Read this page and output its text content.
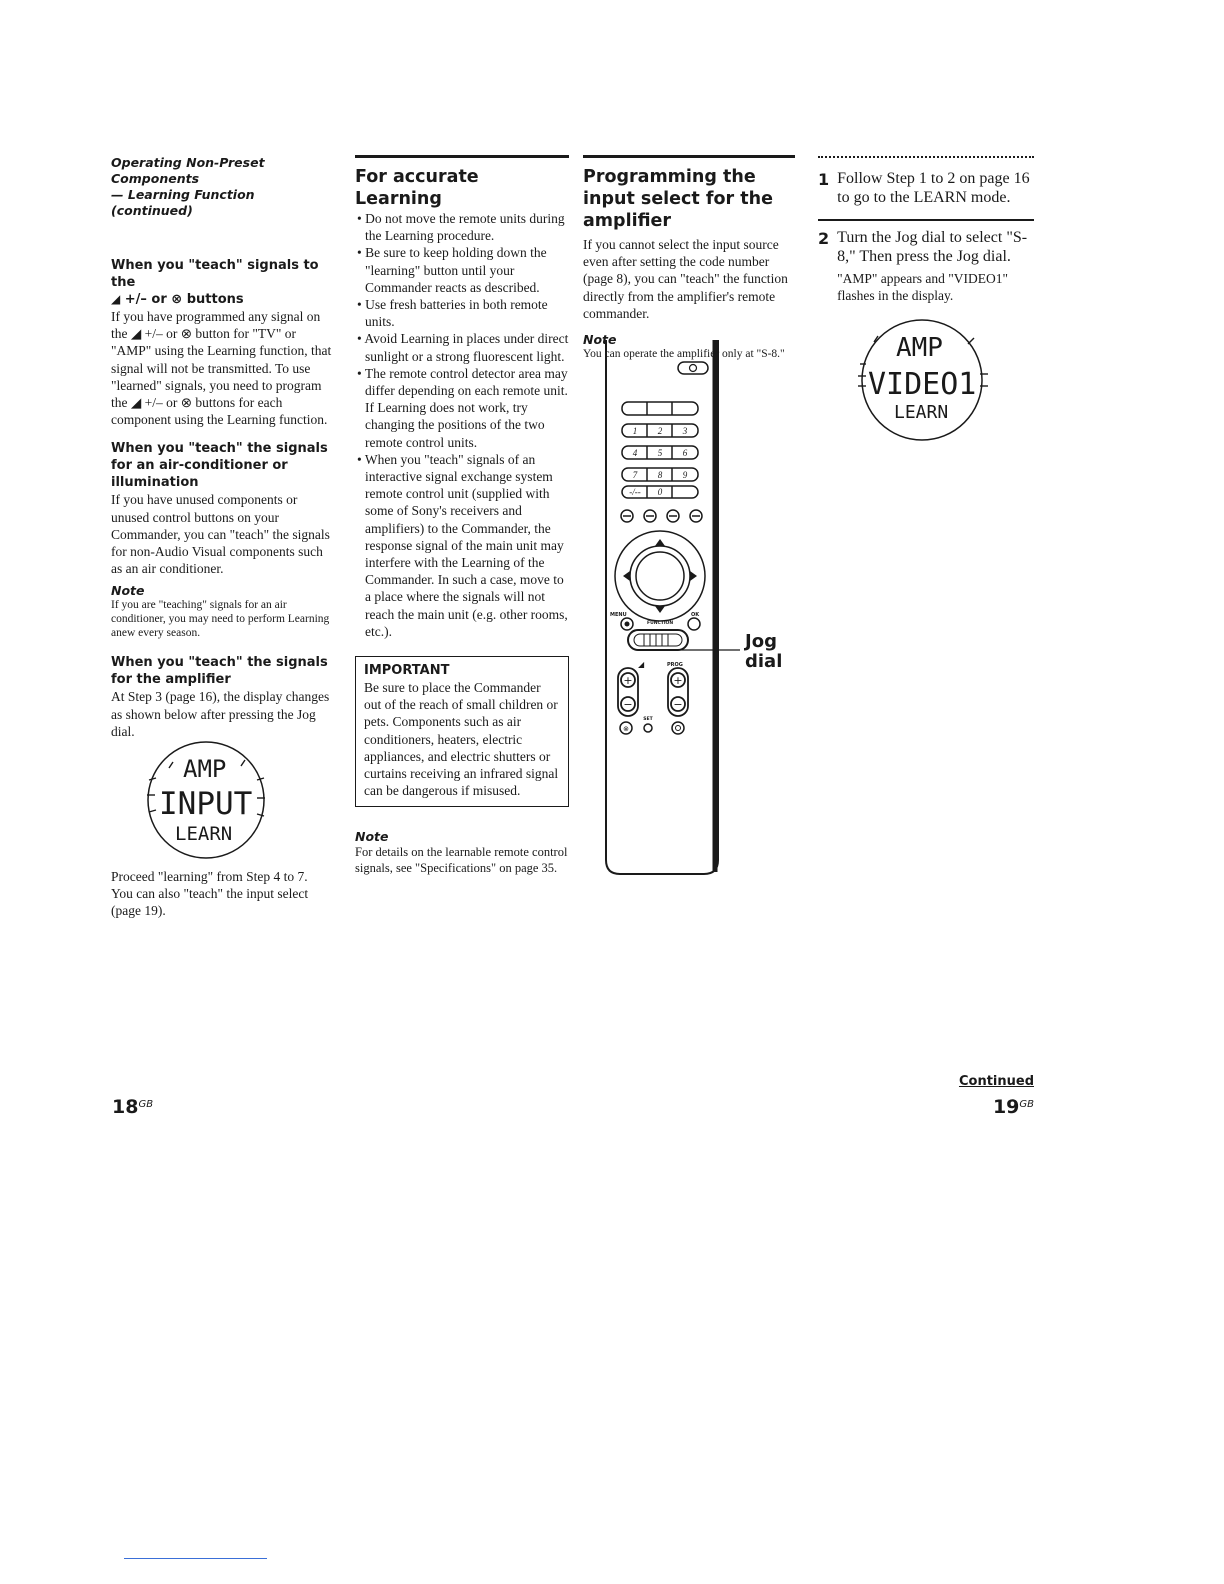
Operating Non-Preset
Components
— Learning Function (continued)
When you "teach" signals to the
◢ +/– or ⊗ buttons

If you have programmed any signal on the ◢ +/– or ⊗ button for "TV" or "AMP" using the Learning function, that signal will not be transmitted. To use "learned" signals, you need to program the ◢ +/– or ⊗ buttons for each component using the Learning function.

When you "teach" the signals for an air-conditioner or illumination

If you have unused components or unused control buttons on your Commander, you can "teach" the signals for non-Audio Visual components such as an air conditioner.

Note

If you are "teaching" signals for an air conditioner, you may need to perform Learning anew every season.

When you "teach" the signals for the amplifier

At Step 3 (page 16), the display changes as shown below after pressing the Jog dial.

AMP
INPUT
LEARN

Proceed "learning" from Step 4 to 7.

You can also "teach" the input select (page 19).

For accurate Learning
• Do not move the remote units during the Learning procedure.
• Be sure to keep holding down the "learning" button until your Commander reacts as described.
• Use fresh batteries in both remote units.
• Avoid Learning in places under direct sunlight or a strong fluorescent light.
• The remote control detector area may differ depending on each remote unit. If Learning does not work, try changing the positions of the two remote control units.
• When you "teach" signals of an interactive signal exchange system remote control unit (supplied with some of Sony's receivers and amplifiers) to the Commander, the response signal of the main unit may interfere with the Learning of the Commander. In such a case, move to a place where the signals will not reach the main unit (e.g. other rooms, etc.).

IMPORTANT

Be sure to place the Commander out of the reach of small children or pets. Components such as air conditioners, heaters, electric appliances, and electric shutters or curtains receiving an infrared signal can be dangerous if misused.

Note

For details on the learnable remote control signals, see "Specifications" on page 35.

Programming the input select for the amplifier

If you cannot select the input source even after setting the code number (page 8), you can "teach" the function directly from the amplifier's remote commander.

Note

You can operate the amplifier only at "S-8."

1 2 3
4 5 6
7 8 9
-/-- 0
MENU	OK
FUNCTION
◢	PROG
+
−
+
−
⊗
SET
Jog dial
1 Follow Step 1 to 2 on page 16 to go to the LEARN mode.
2 Turn the Jog dial to select "S-8," Then press the Jog dial.
"AMP" appears and "VIDEO1" flashes in the display.
AMP
VIDEO1
LEARN
$18^{GB}$
Continued
$19^{GB}$
